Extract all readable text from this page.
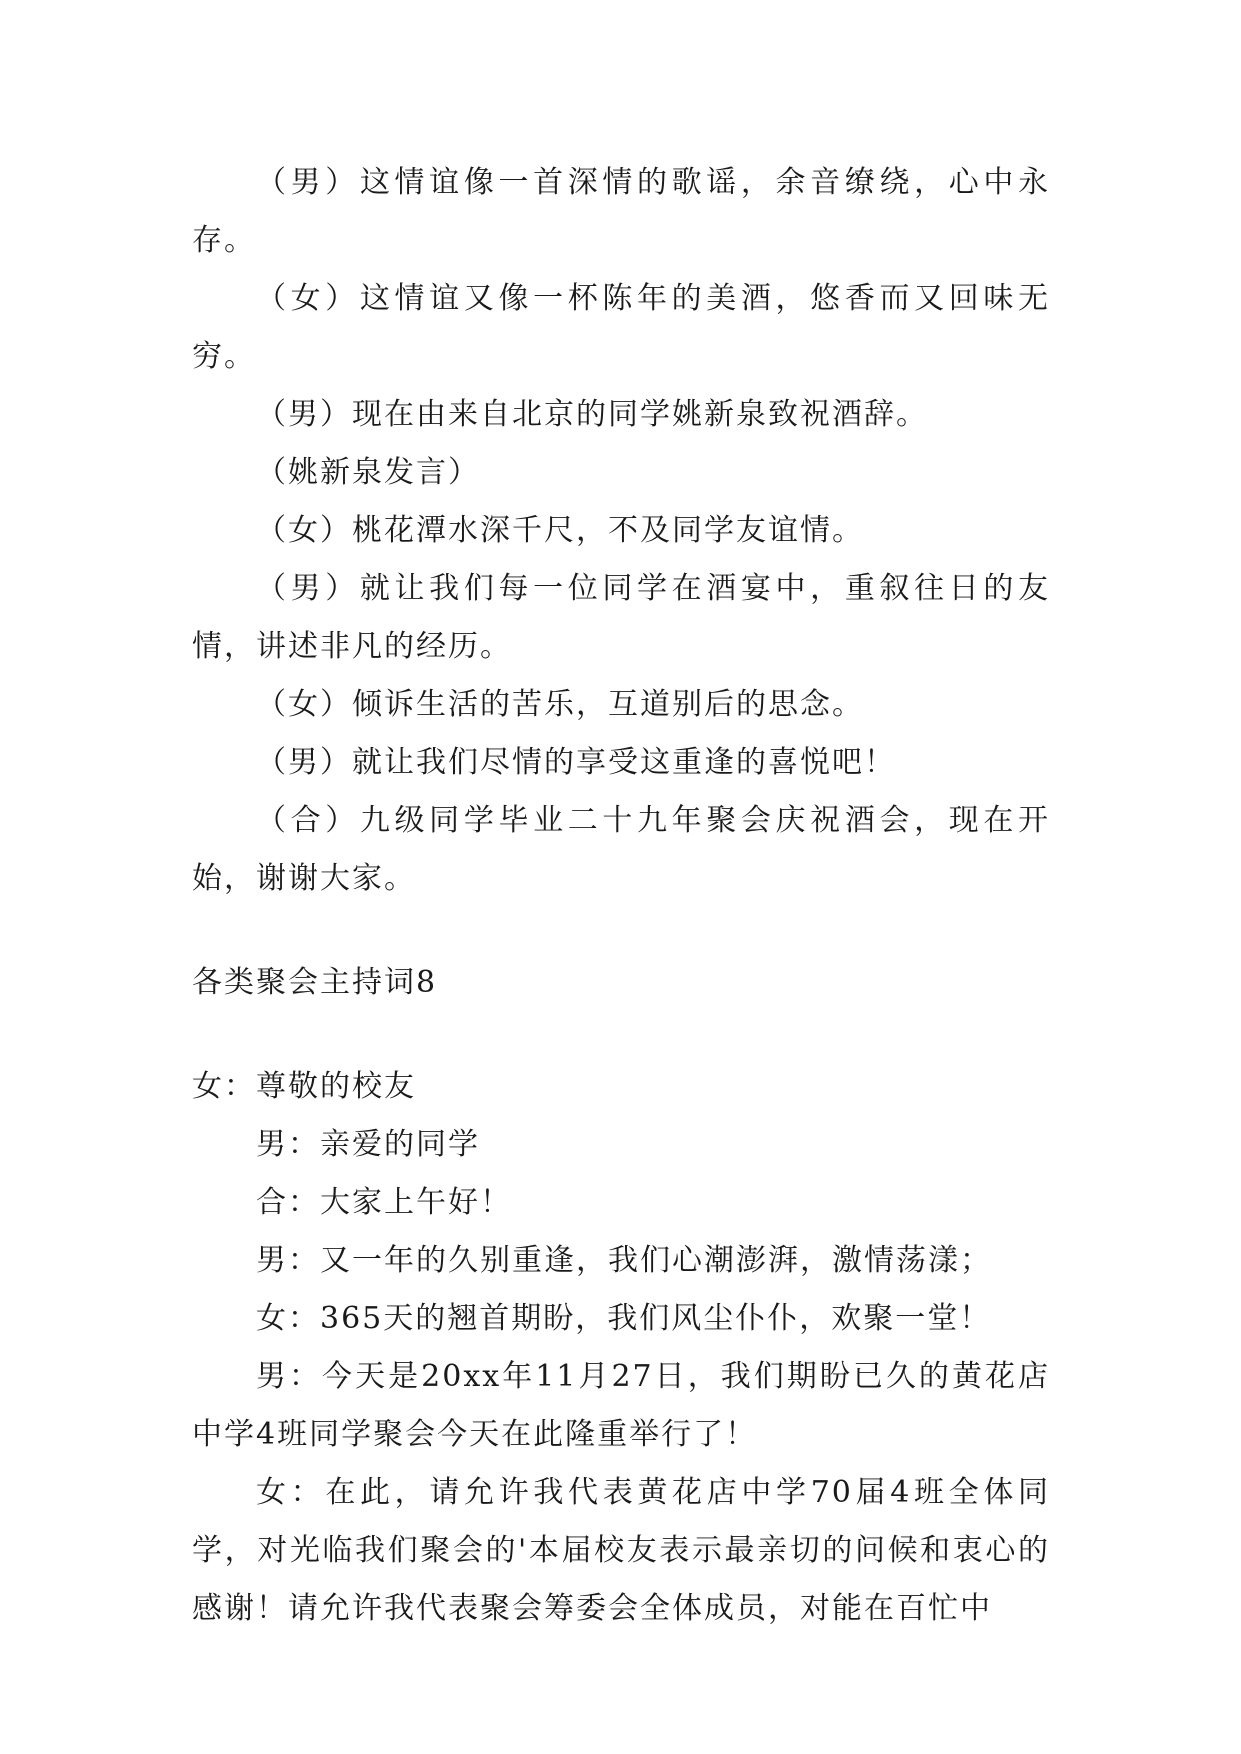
（男）这情谊像一首深情的歌谣，余音缭绕，心中永存。

（女）这情谊又像一杯陈年的美酒，悠香而又回味无穷。

（男）现在由来自北京的同学姚新泉致祝酒辞。

（姚新泉发言）

（女）桃花潭水深千尺，不及同学友谊情。

（男）就让我们每一位同学在酒宴中，重叙往日的友情，讲述非凡的经历。

（女）倾诉生活的苦乐，互道别后的思念。

（男）就让我们尽情的享受这重逢的喜悦吧！

（合）九级同学毕业二十九年聚会庆祝酒会，现在开始，谢谢大家。

各类聚会主持词8

女：尊敬的校友

男：亲爱的同学

合：大家上午好！

男：又一年的久别重逢，我们心潮澎湃，激情荡漾；

女：365天的翘首期盼，我们风尘仆仆，欢聚一堂！

男：今天是20xx年11月27日，我们期盼已久的黄花店中学4班同学聚会今天在此隆重举行了！

女：在此，请允许我代表黄花店中学70届4班全体同学，对光临我们聚会的'本届校友表示最亲切的问候和衷心的感谢！请允许我代表聚会筹委会全体成员，对能在百忙中
